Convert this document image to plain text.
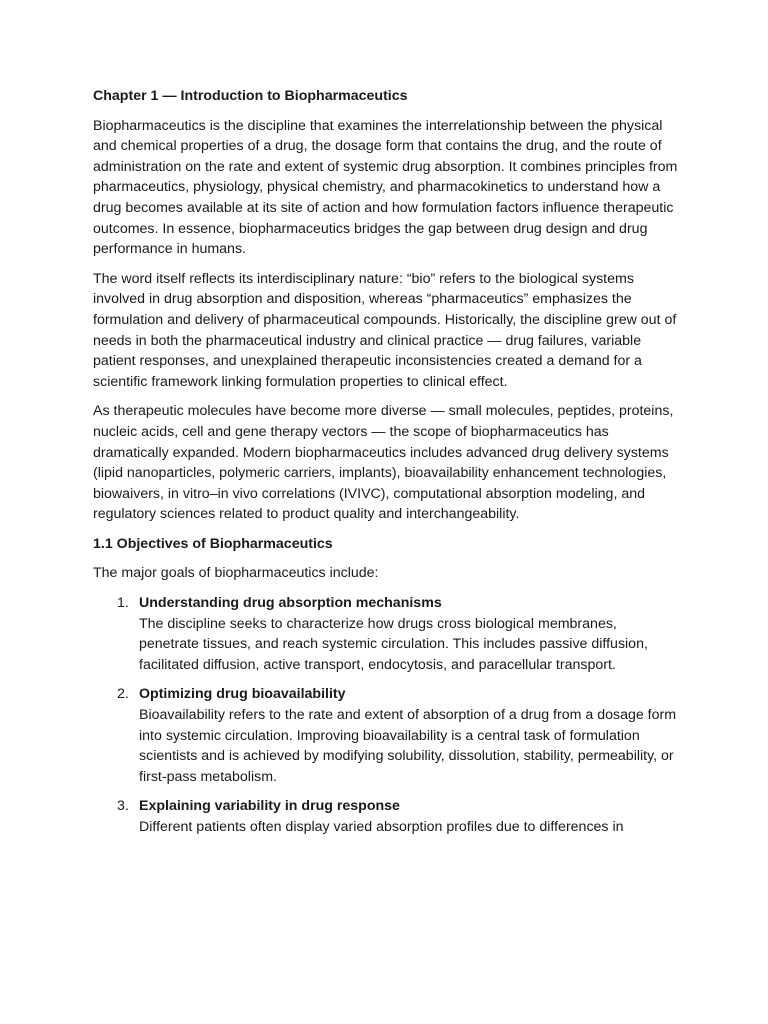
Chapter 1 — Introduction to Biopharmaceutics

Biopharmaceutics is the discipline that examines the interrelationship between the physical and chemical properties of a drug, the dosage form that contains the drug, and the route of administration on the rate and extent of systemic drug absorption. It combines principles from pharmaceutics, physiology, physical chemistry, and pharmacokinetics to understand how a drug becomes available at its site of action and how formulation factors influence therapeutic outcomes. In essence, biopharmaceutics bridges the gap between drug design and drug performance in humans.

The word itself reflects its interdisciplinary nature: “bio” refers to the biological systems involved in drug absorption and disposition, whereas “pharmaceutics” emphasizes the formulation and delivery of pharmaceutical compounds. Historically, the discipline grew out of needs in both the pharmaceutical industry and clinical practice — drug failures, variable patient responses, and unexplained therapeutic inconsistencies created a demand for a scientific framework linking formulation properties to clinical effect.

As therapeutic molecules have become more diverse — small molecules, peptides, proteins, nucleic acids, cell and gene therapy vectors — the scope of biopharmaceutics has dramatically expanded. Modern biopharmaceutics includes advanced drug delivery systems (lipid nanoparticles, polymeric carriers, implants), bioavailability enhancement technologies, biowaivers, in vitro–in vivo correlations (IVIVC), computational absorption modeling, and regulatory sciences related to product quality and interchangeability.

1.1 Objectives of Biopharmaceutics

The major goals of biopharmaceutics include:

1. Understanding drug absorption mechanisms
The discipline seeks to characterize how drugs cross biological membranes, penetrate tissues, and reach systemic circulation. This includes passive diffusion, facilitated diffusion, active transport, endocytosis, and paracellular transport.
2. Optimizing drug bioavailability
Bioavailability refers to the rate and extent of absorption of a drug from a dosage form into systemic circulation. Improving bioavailability is a central task of formulation scientists and is achieved by modifying solubility, dissolution, stability, permeability, or first-pass metabolism.
3. Explaining variability in drug response
Different patients often display varied absorption profiles due to differences in
